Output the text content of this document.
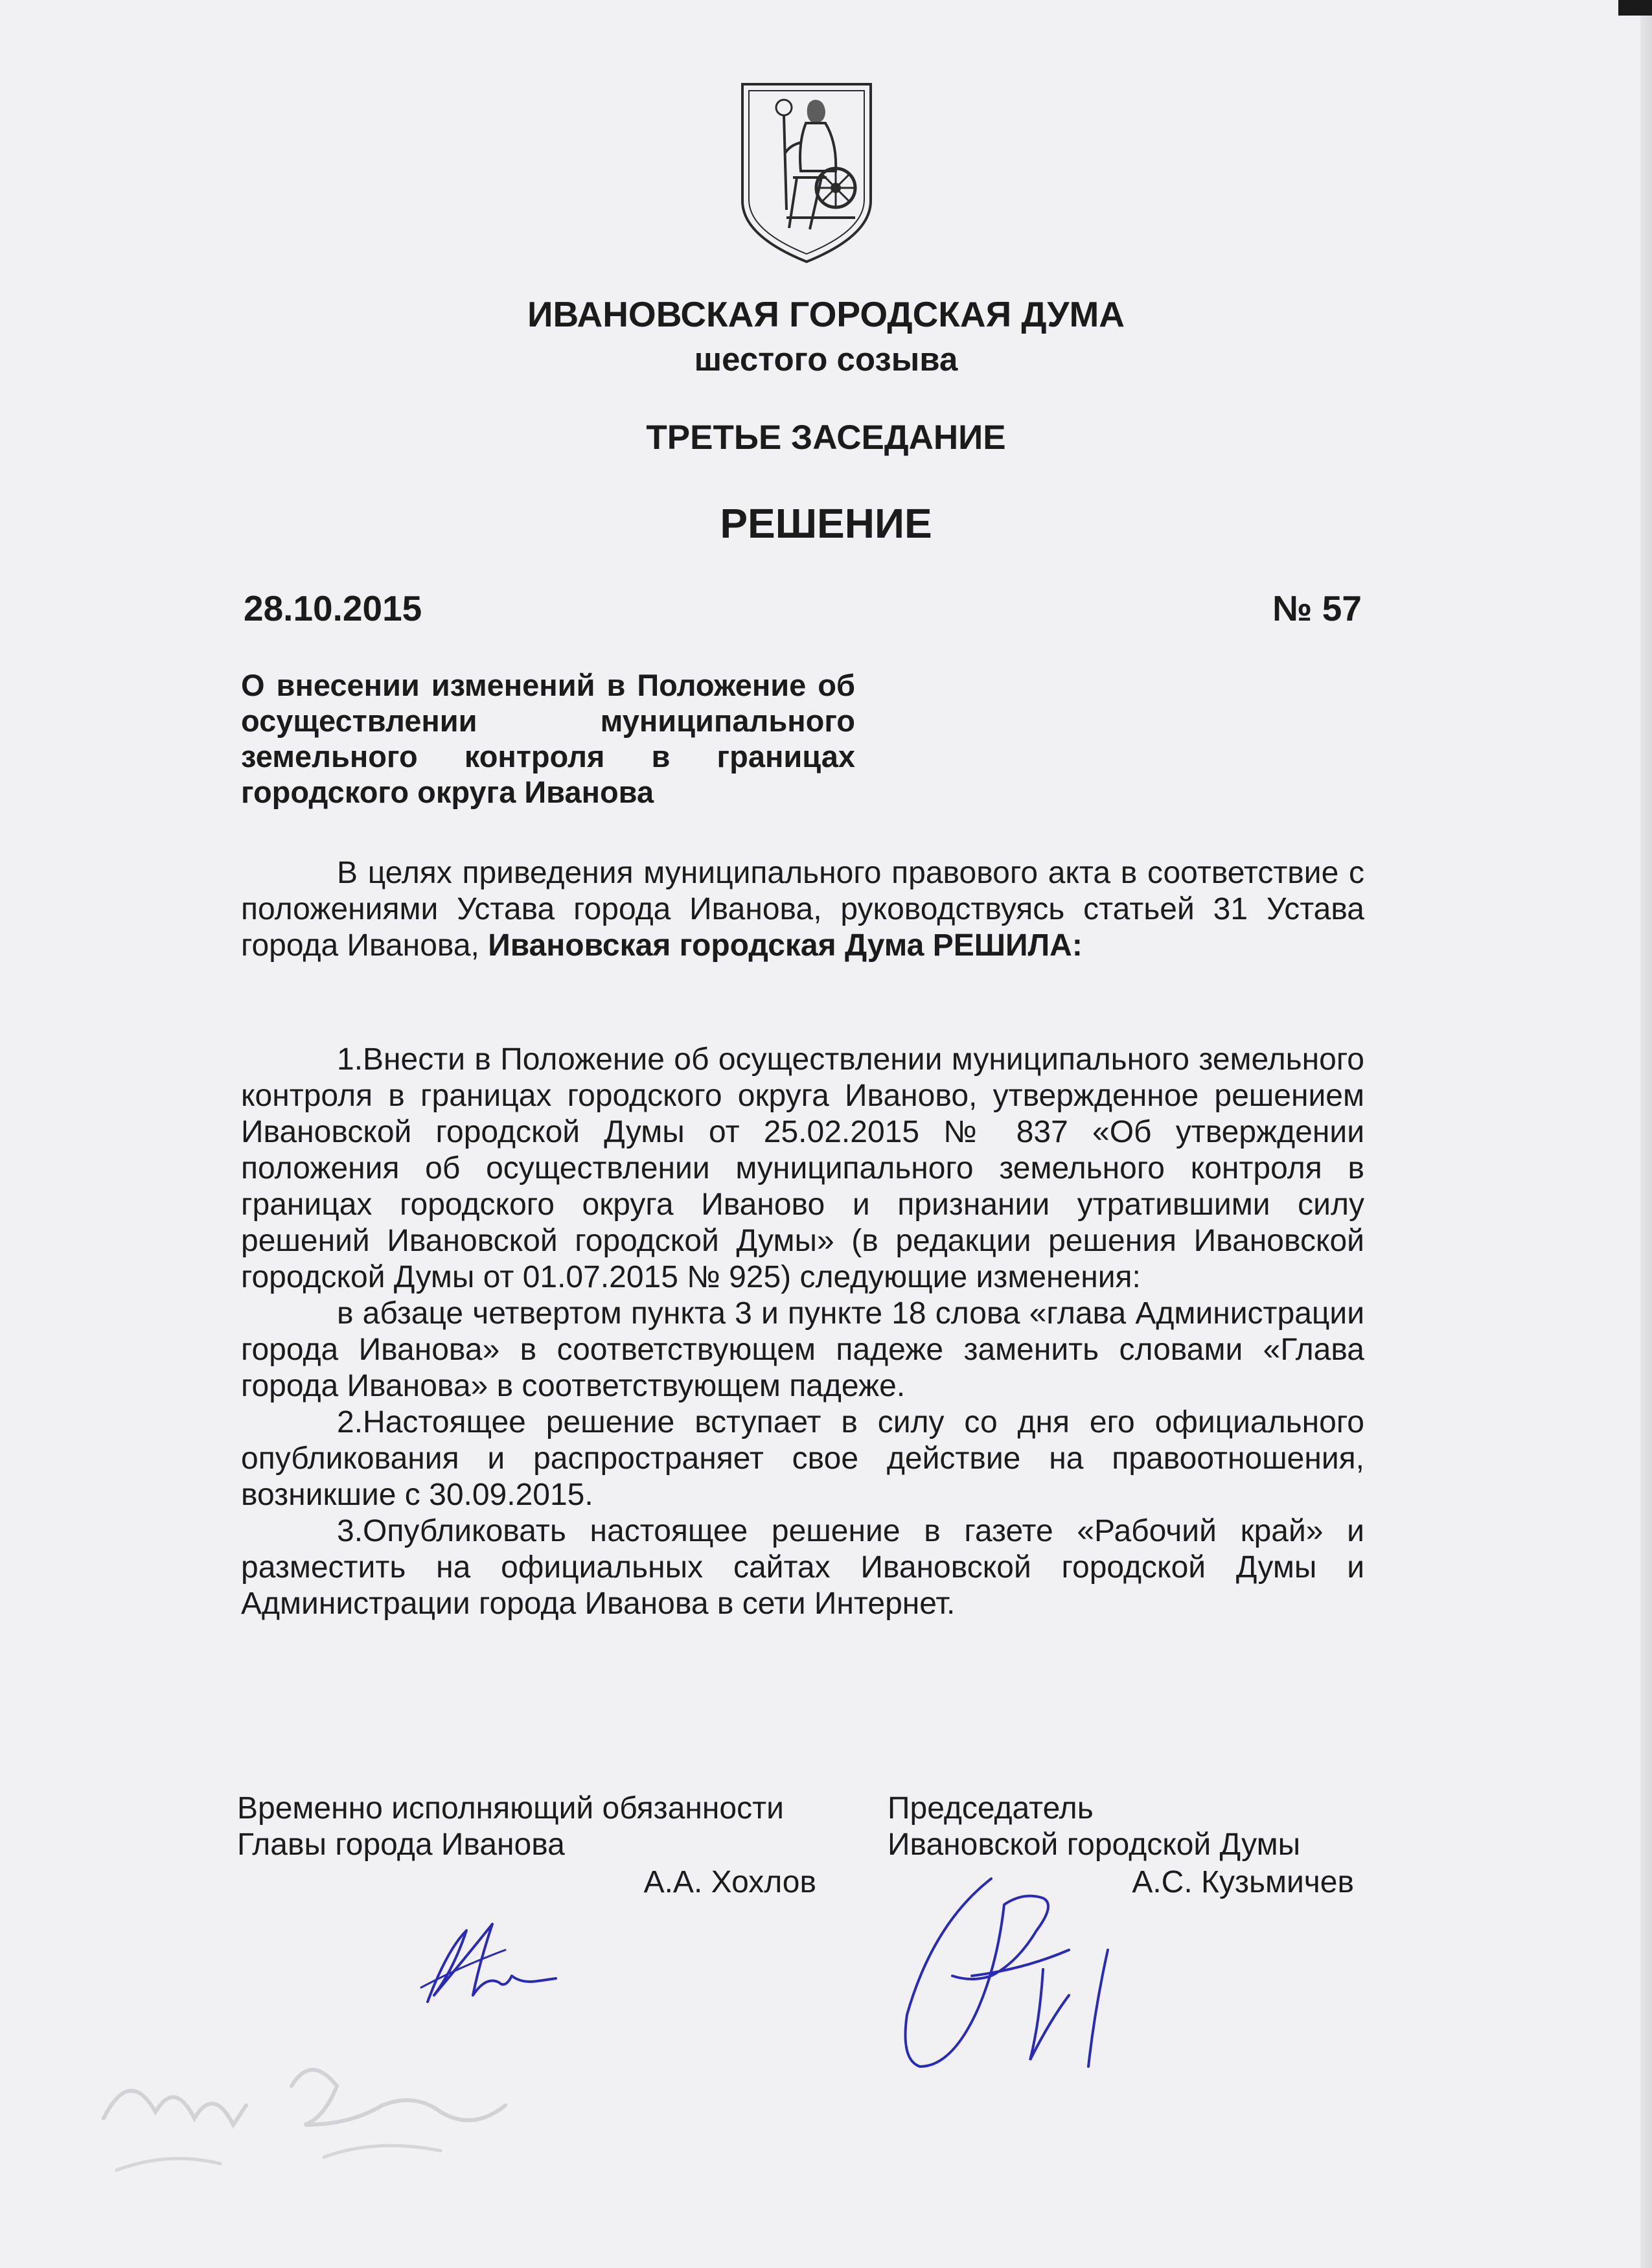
ИВАНОВСКАЯ ГОРОДСКАЯ ДУМА
шестого созыва
ТРЕТЬЕ ЗАСЕДАНИЕ
РЕШЕНИЕ
28.10.2015	№ 57
О внесении изменений в Положение об осуществлении муниципального земельного контроля в границах городского округа Иванова

В целях приведения муниципального правового акта в соответствие с положениями Устава города Иванова, руководствуясь статьей 31 Устава города Иванова, Ивановская городская Дума РЕШИЛА:

1.Внести в Положение об осуществлении муниципального земельного контроля в границах городского округа Иваново, утвержденное решением Ивановской городской Думы от 25.02.2015 № 837 «Об утверждении положения об осуществлении муниципального земельного контроля в границах городского округа Иваново и признании утратившими силу решений Ивановской городской Думы» (в редакции решения Ивановской городской Думы от 01.07.2015 № 925) следующие изменения:

в абзаце четвертом пункта 3 и пункте 18 слова «глава Администрации города Иванова» в соответствующем падеже заменить словами «Глава города Иванова» в соответствующем падеже.

2.Настоящее решение вступает в силу со дня его официального опубликования и распространяет свое действие на правоотношения, возникшие с 30.09.2015.

3.Опубликовать настоящее решение в газете «Рабочий край» и разместить на официальных сайтах Ивановской городской Думы и Администрации города Иванова в сети Интернет.

Временно исполняющий обязанности
Главы города Иванова
А.А. Хохлов
Председатель
Ивановской городской Думы
А.С. Кузьмичев
